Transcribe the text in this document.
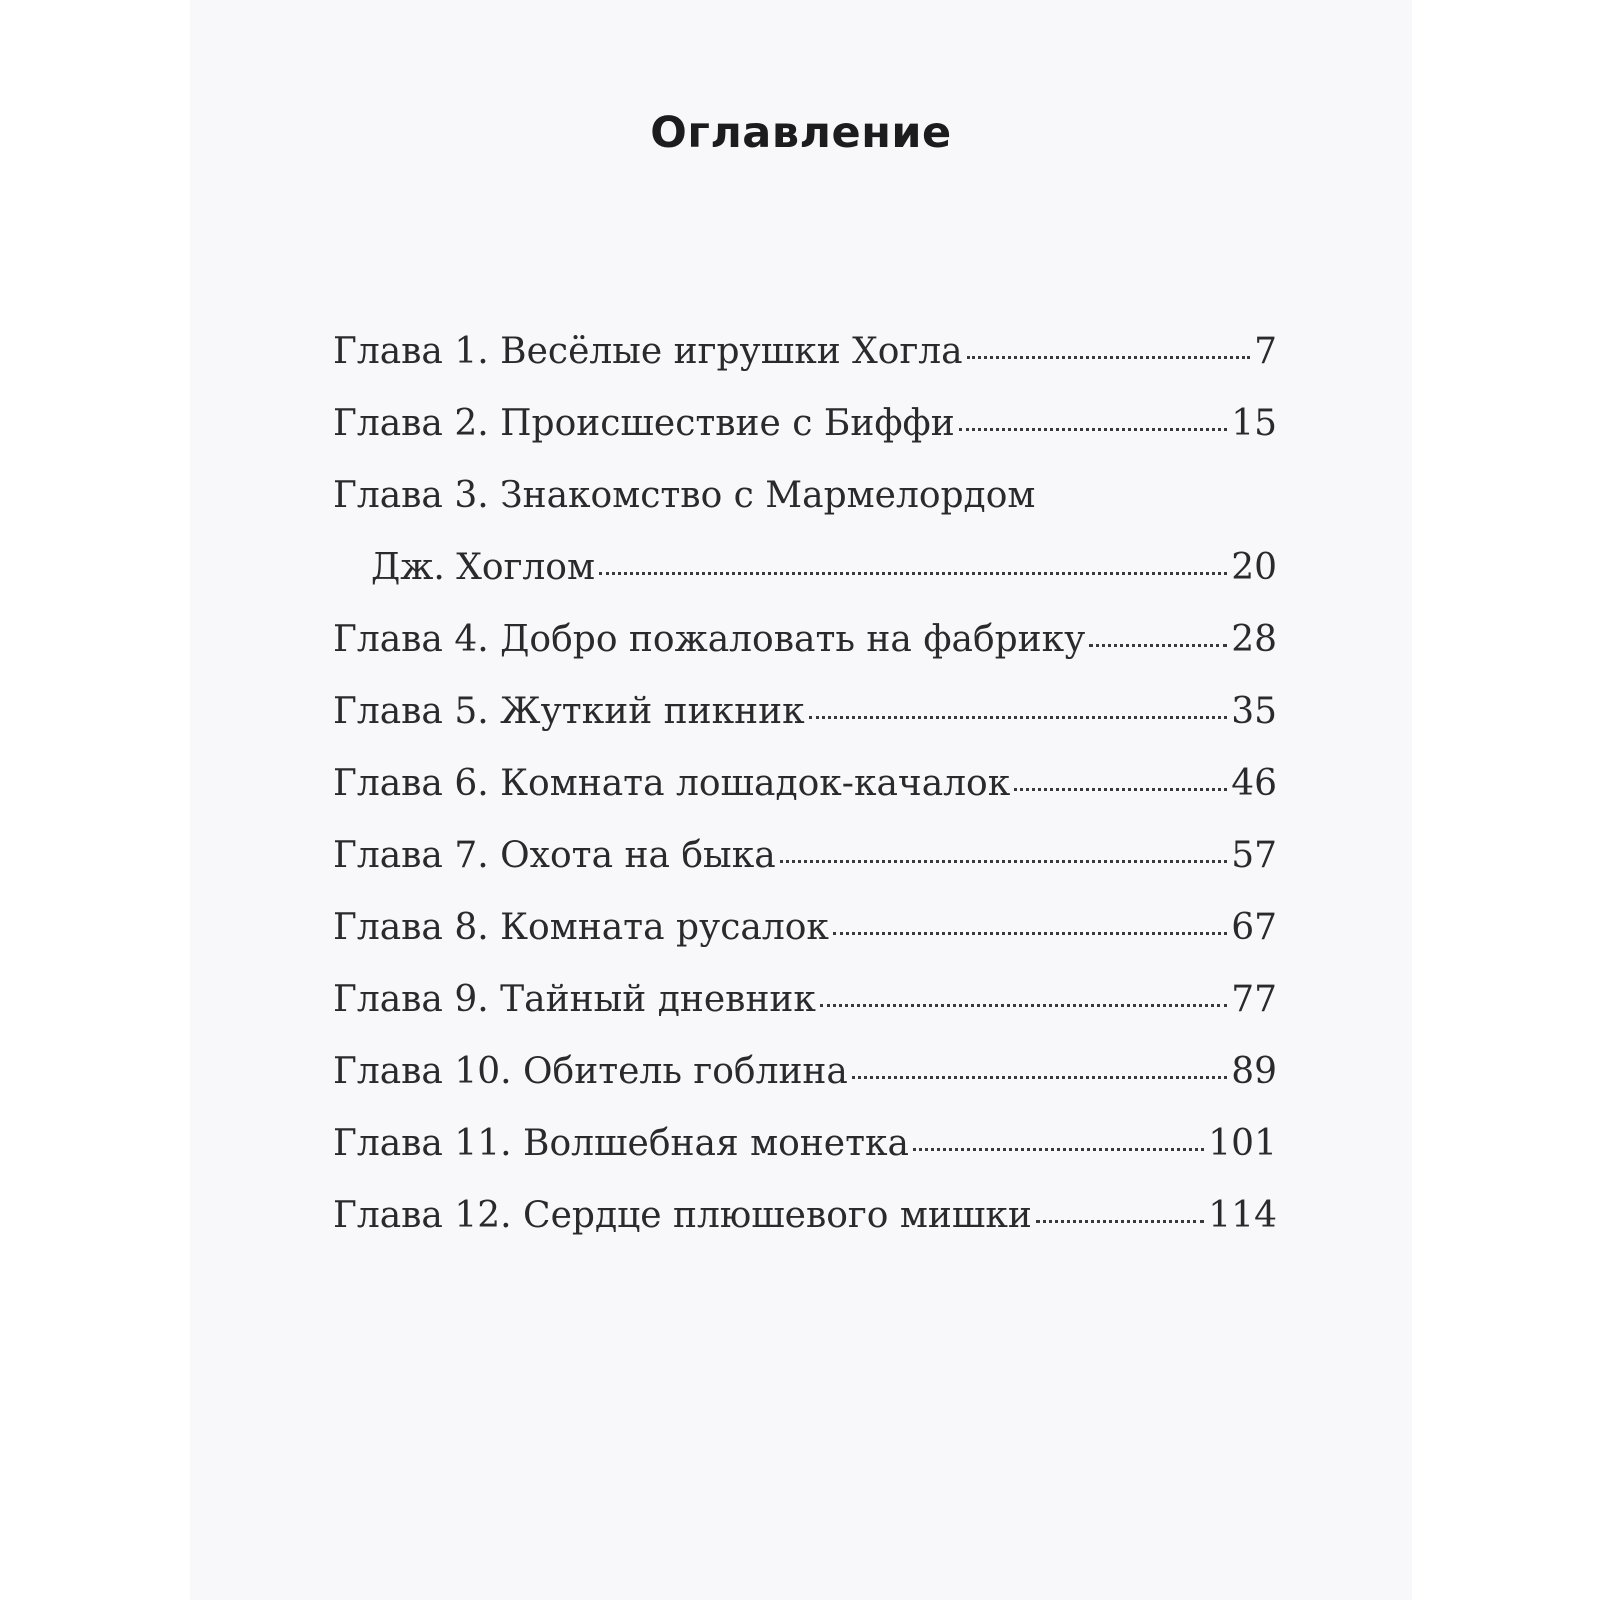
Оглавление
Глава 1. Весёлые игрушки Хогла	7
Глава 2. Происшествие с Биффи	15
Глава 3. Знакомство с Мармелордом
Дж. Хоглом	20
Глава 4. Добро пожаловать на фабрику	28
Глава 5. Жуткий пикник	35
Глава 6. Комната лошадок-качалок	46
Глава 7. Охота на быка	57
Глава 8. Комната русалок	67
Глава 9. Тайный дневник	77
Глава 10. Обитель гоблина	89
Глава 11. Волшебная монетка	101
Глава 12. Сердце плюшевого мишки	114
